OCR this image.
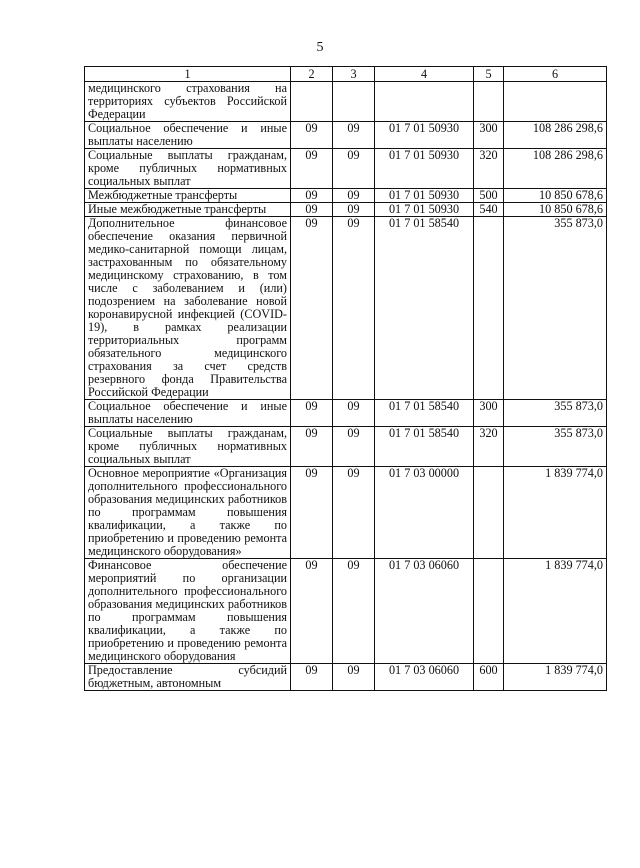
5
1	2	3	4	5	6
медицинского страхования на территориях субъектов Российской Федерации					
Социальное обеспечение и иные выплаты населению	09	09	01 7 01 50930	300	108 286 298,6
Социальные выплаты гражданам, кроме публичных нормативных социальных выплат	09	09	01 7 01 50930	320	108 286 298,6
Межбюджетные трансферты	09	09	01 7 01 50930	500	10 850 678,6
Иные межбюджетные трансферты	09	09	01 7 01 50930	540	10 850 678,6
Дополнительное финансовое обеспечение оказания первичной медико-санитарной помощи лицам, застрахованным по обязательному медицинскому страхованию, в том числе с заболеванием и (или) подозрением на заболевание новой коронавирусной инфекцией (COVID-19), в рамках реализации территориальных программ обязательного медицинского страхования за счет средств резервного фонда Правительства Российской Федерации	09	09	01 7 01 58540		355 873,0
Социальное обеспечение и иные выплаты населению	09	09	01 7 01 58540	300	355 873,0
Социальные выплаты гражданам, кроме публичных нормативных социальных выплат	09	09	01 7 01 58540	320	355 873,0
Основное мероприятие «Организация дополнительного профессионального образования медицинских работников по программам повышения квалификации, а также по приобретению и проведению ремонта медицинского оборудования»	09	09	01 7 03 00000		1 839 774,0
Финансовое обеспечение мероприятий по организации дополнительного профессионального образования медицинских работников по программам повышения квалификации, а также по приобретению и проведению ремонта медицинского оборудования	09	09	01 7 03 06060		1 839 774,0
Предоставление субсидий бюджетным, автономным	09	09	01 7 03 06060	600	1 839 774,0
